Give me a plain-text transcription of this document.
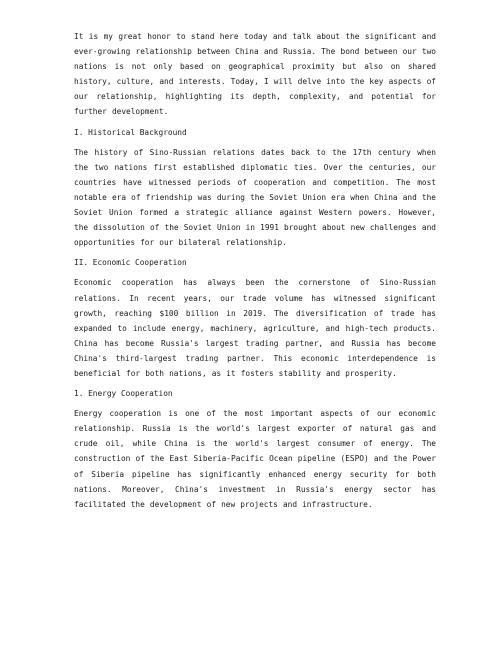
It is my great honor to stand here today and talk about the significant and ever-growing relationship between China and Russia. The bond between our two nations is not only based on geographical proximity but also on shared history, culture, and interests. Today, I will delve into the key aspects of our relationship, highlighting its depth, complexity, and potential for further development.

I. Historical Background

The history of Sino-Russian relations dates back to the 17th century when the two nations first established diplomatic ties. Over the centuries, our countries have witnessed periods of cooperation and competition. The most notable era of friendship was during the Soviet Union era when China and the Soviet Union formed a strategic alliance against Western powers. However, the dissolution of the Soviet Union in 1991 brought about new challenges and opportunities for our bilateral relationship.

II. Economic Cooperation

Economic cooperation has always been the cornerstone of Sino-Russian relations. In recent years, our trade volume has witnessed significant growth, reaching $100 billion in 2019. The diversification of trade has expanded to include energy, machinery, agriculture, and high-tech products. China has become Russia's largest trading partner, and Russia has become China's third-largest trading partner. This economic interdependence is beneficial for both nations, as it fosters stability and prosperity.

1. Energy Cooperation

Energy cooperation is one of the most important aspects of our economic relationship. Russia is the world's largest exporter of natural gas and crude oil, while China is the world's largest consumer of energy. The construction of the East Siberia-Pacific Ocean pipeline (ESPO) and the Power of Siberia pipeline has significantly enhanced energy security for both nations. Moreover, China's investment in Russia's energy sector has facilitated the development of new projects and infrastructure.
